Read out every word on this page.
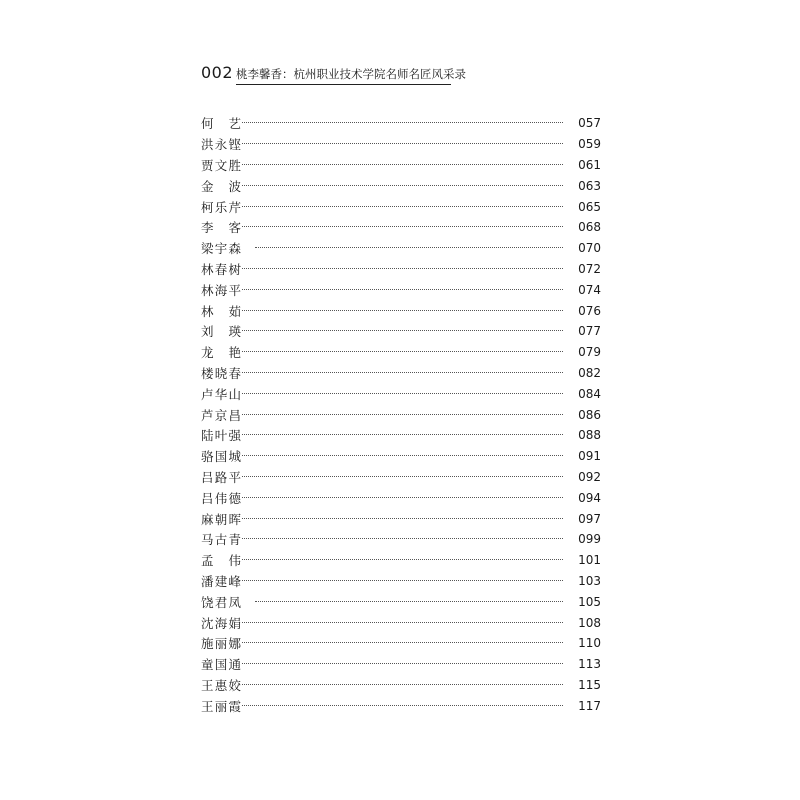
002 桃李馨香：杭州职业技术学院名师名匠风采录
何 艺	057
洪 永 铿	059
贾 文 胜	061
金 波	063
柯 乐 芹	065
李 客	068
梁 宇 森	070
林 春 树	072
林 海 平	074
林 茹	076
刘 瑛	077
龙 艳	079
楼 晓 春	082
卢 华 山	084
芦 京 昌	086
陆 叶 强	088
骆 国 城	091
吕 路 平	092
吕 伟 德	094
麻 朝 晖	097
马 古 青	099
孟 伟	101
潘 建 峰	103
饶 君 凤	105
沈 海 娟	108
施 丽 娜	110
童 国 通	113
王 惠 姣	115
王 丽 霞	117
